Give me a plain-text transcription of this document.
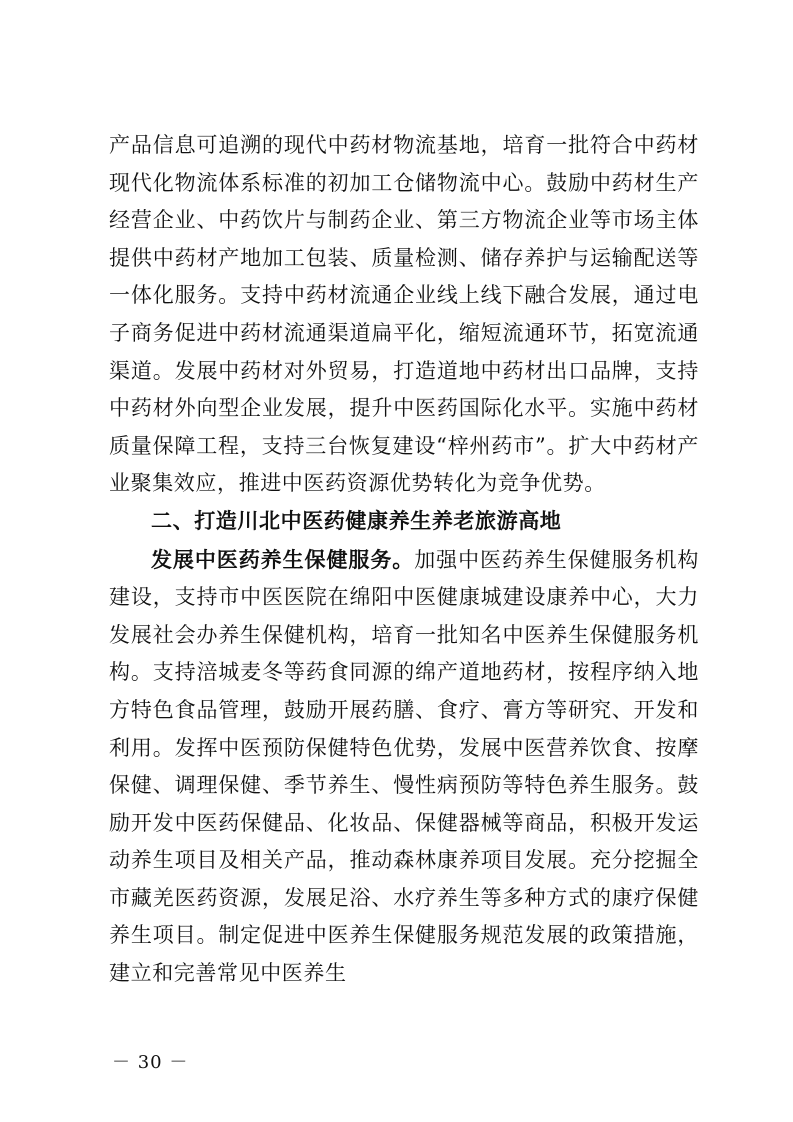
产品信息可追溯的现代中药材物流基地，培育一批符合中药材现代化物流体系标准的初加工仓储物流中心。鼓励中药材生产经营企业、中药饮片与制药企业、第三方物流企业等市场主体提供中药材产地加工包装、质量检测、储存养护与运输配送等一体化服务。支持中药材流通企业线上线下融合发展，通过电子商务促进中药材流通渠道扁平化，缩短流通环节，拓宽流通渠道。发展中药材对外贸易，打造道地中药材出口品牌，支持中药材外向型企业发展，提升中医药国际化水平。实施中药材质量保障工程，支持三台恢复建设“梓州药市”。扩大中药材产业聚集效应，推进中医药资源优势转化为竞争优势。

二、打造川北中医药健康养生养老旅游高地

发展中医药养生保健服务。加强中医药养生保健服务机构建设，支持市中医医院在绵阳中医健康城建设康养中心，大力发展社会办养生保健机构，培育一批知名中医养生保健服务机构。支持涪城麦冬等药食同源的绵产道地药材，按程序纳入地方特色食品管理，鼓励开展药膳、食疗、膏方等研究、开发和利用。发挥中医预防保健特色优势，发展中医营养饮食、按摩保健、调理保健、季节养生、慢性病预防等特色养生服务。鼓励开发中医药保健品、化妆品、保健器械等商品，积极开发运动养生项目及相关产品，推动森林康养项目发展。充分挖掘全市藏羌医药资源，发展足浴、水疗养生等多种方式的康疗保健养生项目。制定促进中医养生保健服务规范发展的政策措施，建立和完善常见中医养生

－ 30 －
